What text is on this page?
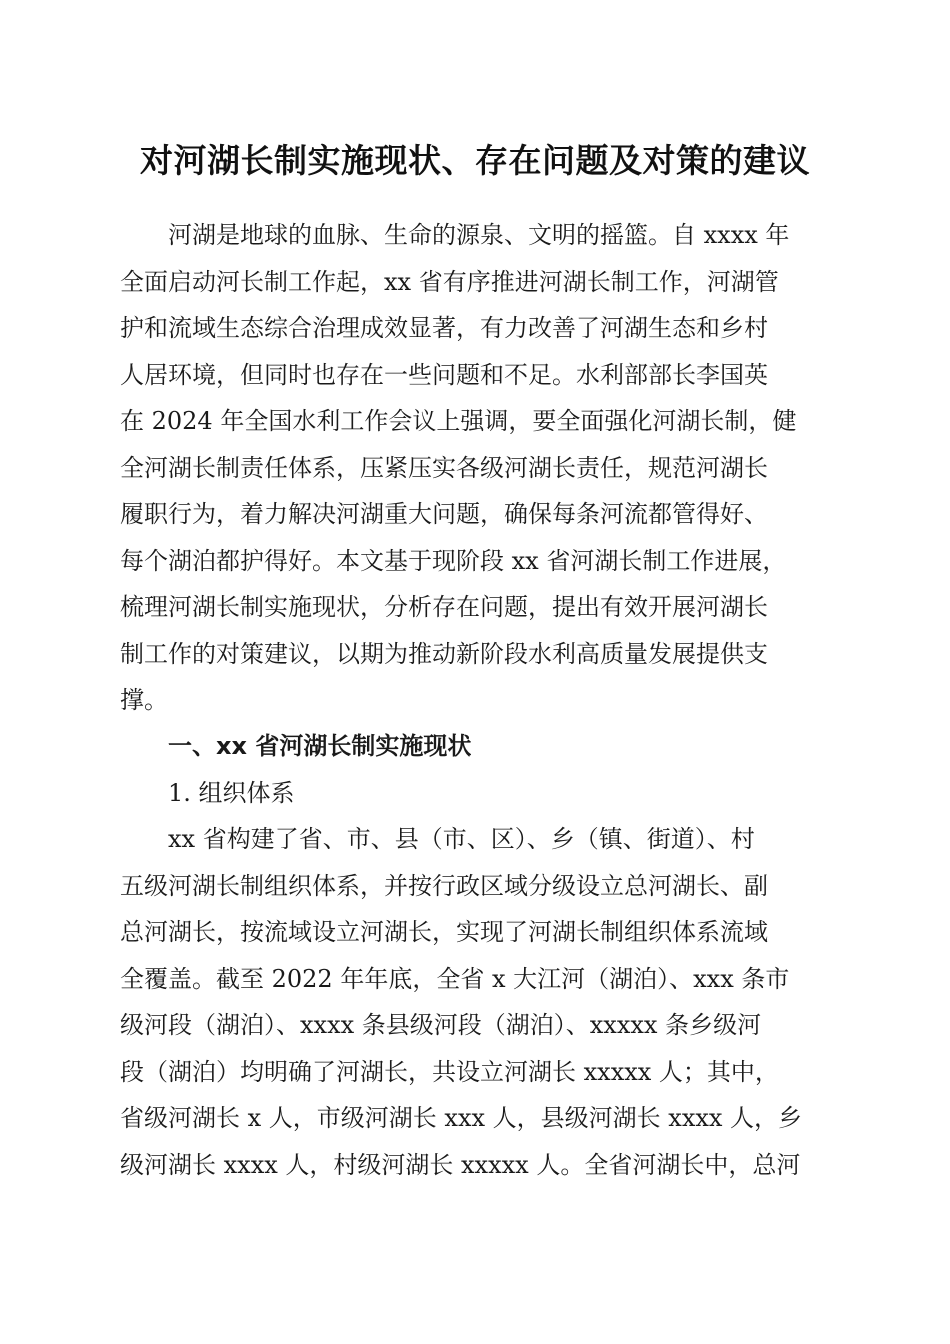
对河湖长制实施现状、存在问题及对策的建议
河湖是地球的血脉、生命的源泉、文明的摇篮。自 xxxx 年
全面启动河长制工作起，xx 省有序推进河湖长制工作，河湖管
护和流域生态综合治理成效显著，有力改善了河湖生态和乡村
人居环境，但同时也存在一些问题和不足。水利部部长李国英
在 2024 年全国水利工作会议上强调，要全面强化河湖长制，健
全河湖长制责任体系，压紧压实各级河湖长责任，规范河湖长
履职行为，着力解决河湖重大问题，确保每条河流都管得好、
每个湖泊都护得好。本文基于现阶段 xx 省河湖长制工作进展，
梳理河湖长制实施现状，分析存在问题，提出有效开展河湖长
制工作的对策建议，以期为推动新阶段水利高质量发展提供支
撑。
一、xx 省河湖长制实施现状
1. 组织体系
xx 省构建了省、市、县（市、区）、乡（镇、街道）、村
五级河湖长制组织体系，并按行政区域分级设立总河湖长、副
总河湖长，按流域设立河湖长，实现了河湖长制组织体系流域
全覆盖。截至 2022 年年底，全省 x 大江河（湖泊）、xxx 条市
级河段（湖泊）、xxxx 条县级河段（湖泊）、xxxxx 条乡级河
段（湖泊）均明确了河湖长，共设立河湖长 xxxxx 人；其中，
省级河湖长 x 人，市级河湖长 xxx 人，县级河湖长 xxxx 人，乡
级河湖长 xxxx 人，村级河湖长 xxxxx 人。全省河湖长中，总河
